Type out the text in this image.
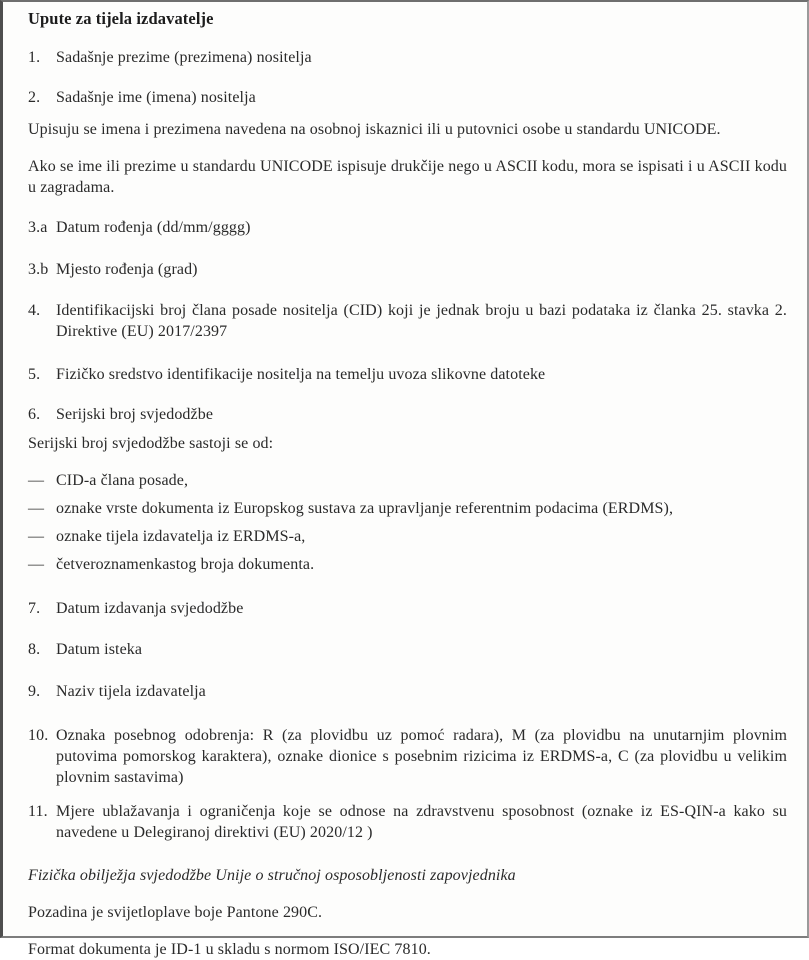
Upute za tijela izdavatelje
1. Sadašnje prezime (prezimena) nositelja
2. Sadašnje ime (imena) nositelja

Upisuju se imena i prezimena navedena na osobnoj iskaznici ili u putovnici osobe u standardu UNICODE.

Ako se ime ili prezime u standardu UNICODE ispisuje drukčije nego u ASCII kodu, mora se ispisati i u ASCII kodu u zagradama.

3.a Datum rođenja (dd/mm/gggg)
3.b Mjesto rođenja (grad)
4. Identifikacijski broj člana posade nositelja (CID) koji je jednak broju u bazi podataka iz članka 25. stavka 2. Direktive (EU) 2017/2397
5. Fizičko sredstvo identifikacije nositelja na temelju uvoza slikovne datoteke
6. Serijski broj svjedodžbe

Serijski broj svjedodžbe sastoji se od:

— CID-a člana posade,
— oznake vrste dokumenta iz Europskog sustava za upravljanje referentnim podacima (ERDMS),
— oznake tijela izdavatelja iz ERDMS-a,
— četveroznamenkastog broja dokumenta.
7. Datum izdavanja svjedodžbe
8. Datum isteka
9. Naziv tijela izdavatelja
10. Oznaka posebnog odobrenja: R (za plovidbu uz pomoć radara), M (za plovidbu na unutarnjim plovnim putovima pomorskog karaktera), oznake dionice s posebnim rizicima iz ERDMS-a, C (za plovidbu u velikim plovnim sastavima)
11. Mjere ublažavanja i ograničenja koje se odnose na zdravstvenu sposobnost (oznake iz ES-QIN-a kako su navedene u Delegiranoj direktivi (EU) 2020/12 )

Fizička obilježja svjedodžbe Unije o stručnoj osposobljenosti zapovjednika

Pozadina je svijetloplave boje Pantone 290C.

Format dokumenta je ID-1 u skladu s normom ISO/IEC 7810.
